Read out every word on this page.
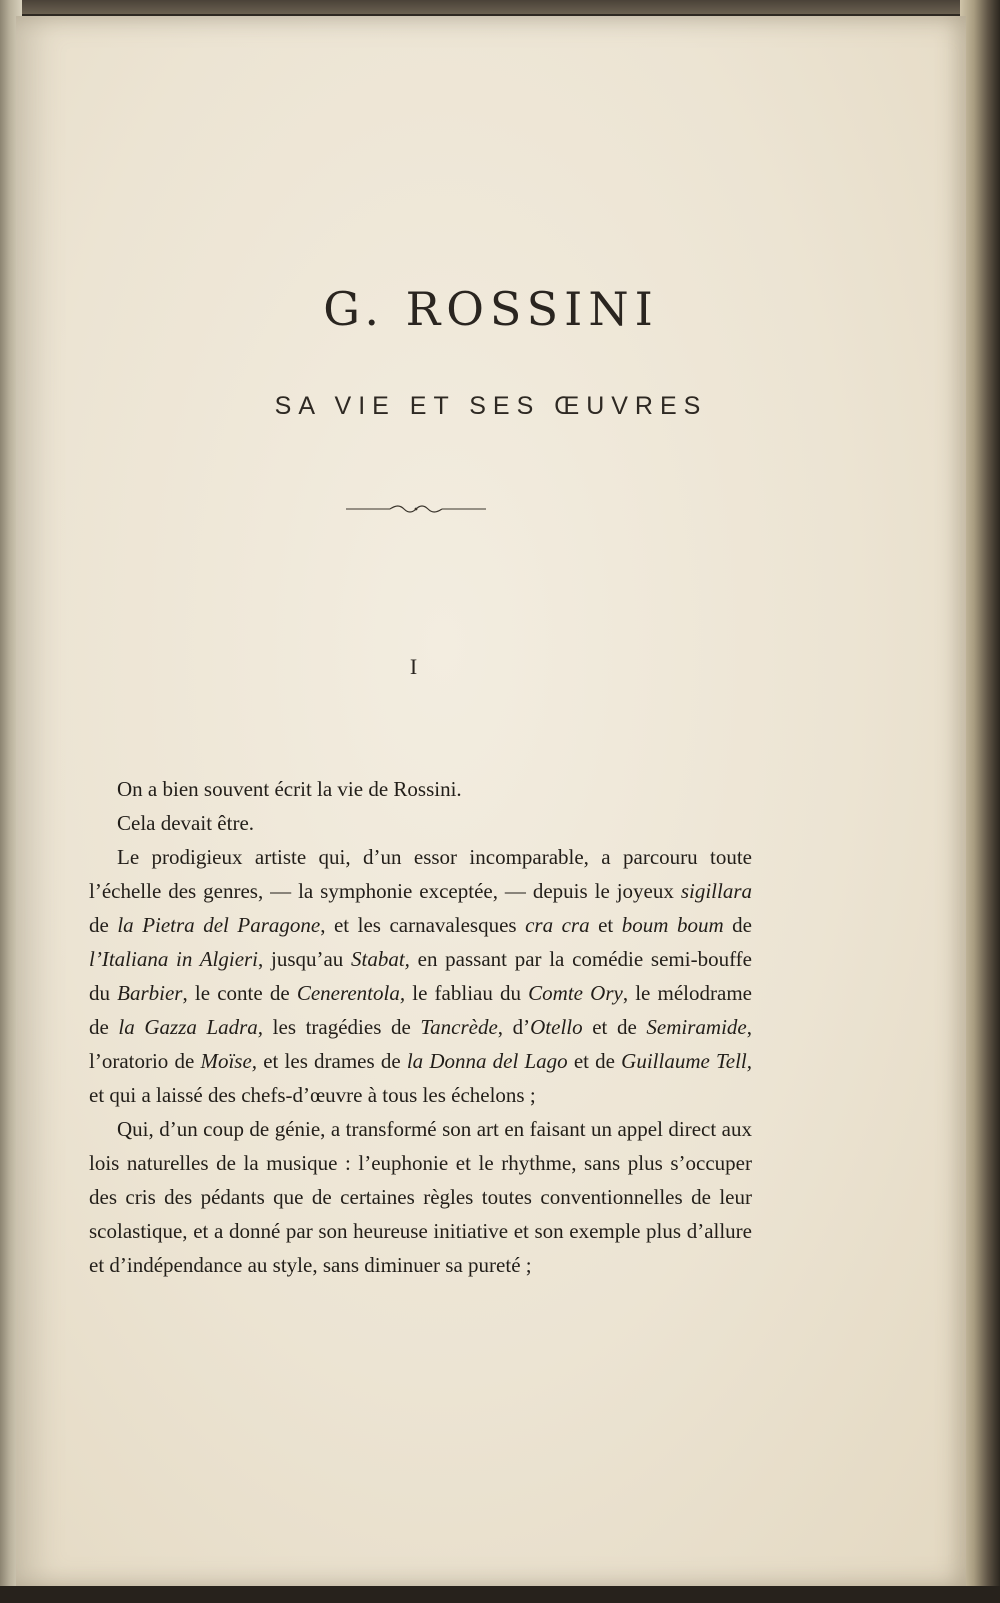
G. ROSSINI
SA VIE ET SES ŒUVRES
I

On a bien souvent écrit la vie de Rossini.

Cela devait être.

Le prodigieux artiste qui, d’un essor incomparable, a parcouru toute l’échelle des genres, — la symphonie exceptée, — depuis le joyeux sigillara de la Pietra del Paragone, et les carnavalesques cra cra et boum boum de l’Italiana in Algieri, jusqu’au Stabat, en passant par la comédie semi-bouffe du Barbier, le conte de Cenerentola, le fabliau du Comte Ory, le mélodrame de la Gazza Ladra, les tragédies de Tancrède, d’Otello et de Semiramide, l’oratorio de Moïse, et les drames de la Donna del Lago et de Guillaume Tell, et qui a laissé des chefs-d’œuvre à tous les échelons ;

Qui, d’un coup de génie, a transformé son art en faisant un appel direct aux lois naturelles de la musique : l’euphonie et le rhythme, sans plus s’occuper des cris des pédants que de certaines règles toutes conventionnelles de leur scolastique, et a donné par son heureuse initiative et son exemple plus d’allure et d’indépendance au style, sans diminuer sa pureté ;
